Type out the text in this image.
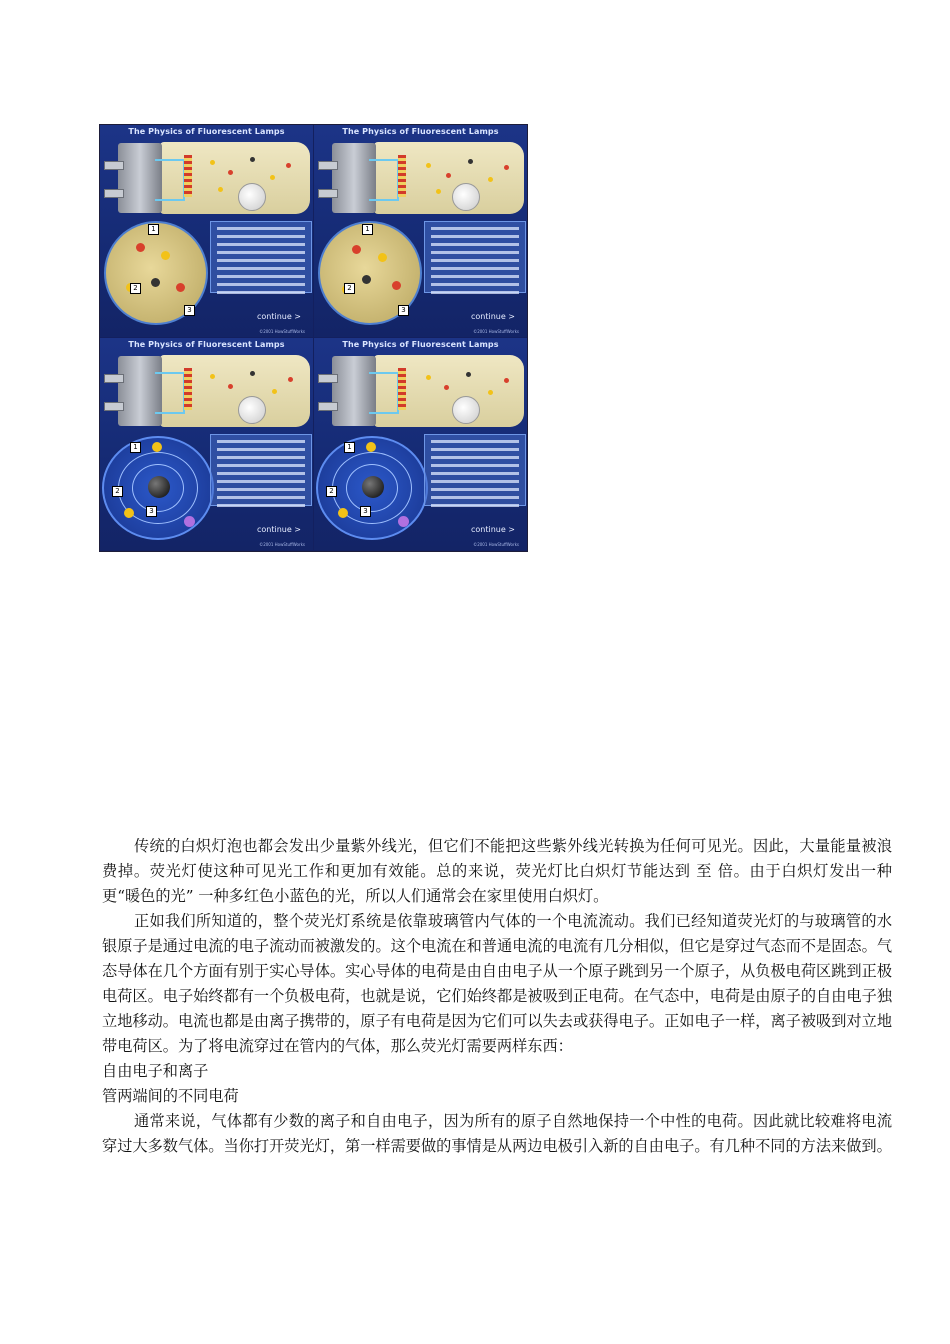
The Physics of Fluorescent Lamps
1
2
3
continue >
©2001 HowStuffWorks
The Physics of Fluorescent Lamps
1
2
3
continue >
©2001 HowStuffWorks
The Physics of Fluorescent Lamps
1
2
3
continue >
©2001 HowStuffWorks
The Physics of Fluorescent Lamps
1
2
3
continue >
©2001 HowStuffWorks

传统的白炽灯泡也都会发出少量紫外线光，但它们不能把这些紫外线光转换为任何可见光。因此，大量能量被浪费掉。荧光灯使这种可见光工作和更加有效能。总的来说，荧光灯比白炽灯节能达到 至 倍。由于白炽灯发出一种更“暖色的光” 一种多红色小蓝色的光，所以人们通常会在家里使用白炽灯。

正如我们所知道的，整个荧光灯系统是依靠玻璃管内气体的一个电流流动。我们已经知道荧光灯的与玻璃管的水银原子是通过电流的电子流动而被激发的。这个电流在和普通电流的电流有几分相似，但它是穿过气态而不是固态。气态导体在几个方面有别于实心导体。实心导体的电荷是由自由电子从一个原子跳到另一个原子，从负极电荷区跳到正极电荷区。电子始终都有一个负极电荷，也就是说，它们始终都是被吸到正电荷。在气态中，电荷是由原子的自由电子独立地移动。电流也都是由离子携带的，原子有电荷是因为它们可以失去或获得电子。正如电子一样，离子被吸到对立地带电荷区。为了将电流穿过在管内的气体，那么荧光灯需要两样东西：

自由电子和离子

管两端间的不同电荷

通常来说，气体都有少数的离子和自由电子，因为所有的原子自然地保持一个中性的电荷。因此就比较难将电流穿过大多数气体。当你打开荧光灯，第一样需要做的事情是从两边电极引入新的自由电子。有几种不同的方法来做到。
